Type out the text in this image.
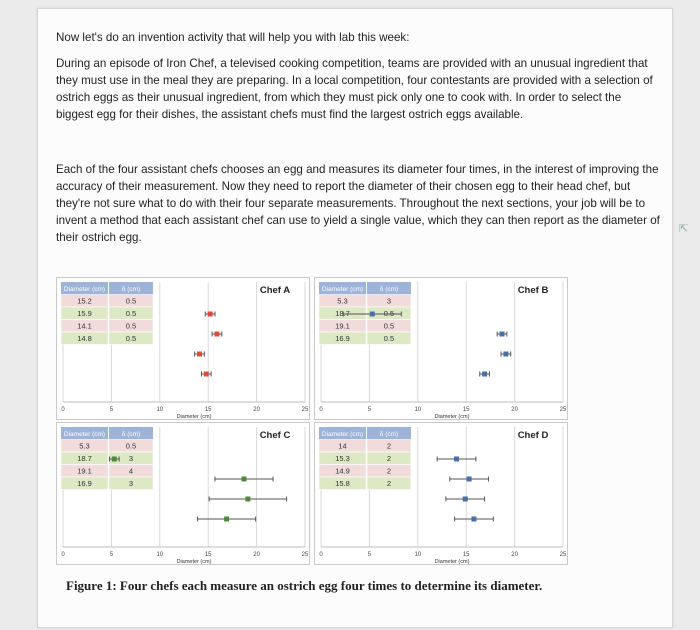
Now let's do an invention activity that will help you with lab this week:

During an episode of Iron Chef, a televised cooking competition, teams are provided with an unusual ingredient that they must use in the meal they are preparing. In a local competition, four contestants are provided with a selection of ostrich eggs as their unusual ingredient, from which they must pick only one to cook with. In order to select the biggest egg for their dishes, the assistant chefs must find the largest ostrich eggs available.

Each of the four assistant chefs chooses an egg and measures its diameter four times, in the interest of improving the accuracy of their measurement. Now they need to report the diameter of their chosen egg to their head chef, but they're not sure what to do with their four separate measurements. Throughout the next sections, your job will be to invent a method that each assistant chef can use to yield a single value, which they can then report as the diameter of their ostrich egg.

⇱
Diameter (cm)	δ (cm)
15.2	0.5
15.9	0.5
14.1	0.5
14.8	0.5
Chef A
0	5	10	15	20	25
Diameter (cm)
Diameter (cm)	δ (cm)
5.3	3
18.7	0.5
19.1	0.5
16.9	0.5
Chef B
0	5	10	15	20	25
Diameter (cm)
Diameter (cm)	δ (cm)
5.3	0.5
18.7	3
19.1	4
16.9	3
Chef C
0	5	10	15	20	25
Diameter (cm)
Diameter (cm)	δ (cm)
14	2
15.3	2
14.9	2
15.8	2
Chef D
0	5	10	15	20	25
Diameter (cm)
Figure 1: Four chefs each measure an ostrich egg four times to determine its diameter.
